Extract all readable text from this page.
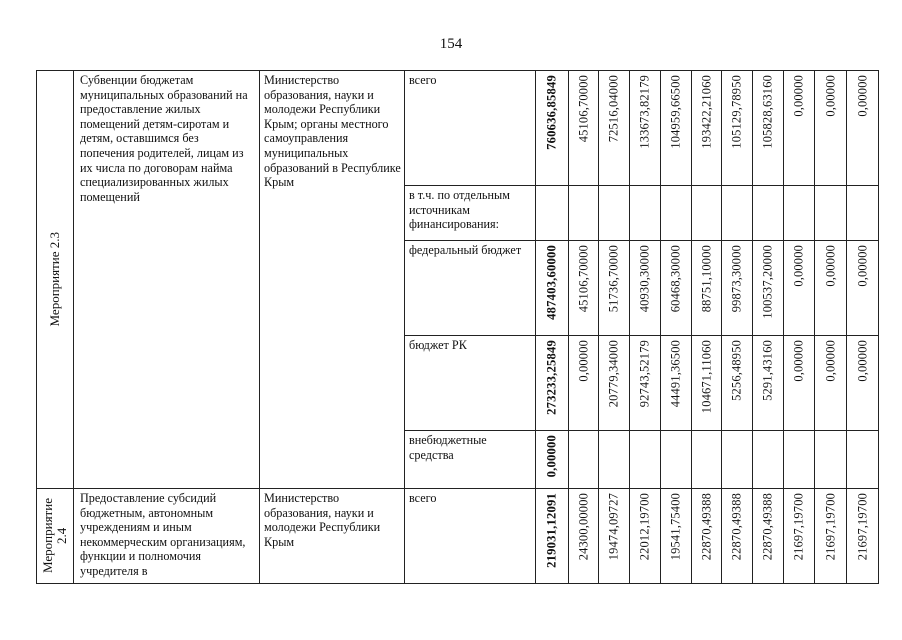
154
Мероприятие 2.3	Субвенции бюджетам муниципальных образований на предоставление жилых помещений детям-сиротам и детям, оставшимся без попечения родителей, лицам из их числа по договорам найма специализированных жилых помещений	Министерство образования, науки и молодежи Республики Крым; органы местного самоуправления муниципальных образований в Республике Крым	всего	760636,85849	45106,70000	72516,04000	133673,82179	104959,66500	193422,21060	105129,78950	105828,63160	0,00000	0,00000	0,00000

			в т.ч. по отдельным источникам финансирования:	

			федеральный бюджет	487403,60000	45106,70000	51736,70000	40930,30000	60468,30000	88751,10000	99873,30000	100537,20000	0,00000	0,00000	0,00000

			бюджет РК	273233,25849	0,00000	20779,34000	92743,52179	44491,36500	104671,11060	5256,48950	5291,43160	0,00000	0,00000	0,00000

			внебюджетные средства	0,00000										

Мероприятие 2.4	Предоставление субсидий бюджетным, автономным учреждениям и иным некоммерческим организациям, функции и полномочия учредителя в	Министерство образования, науки и молодежи Республики Крым	всего	219031,12091	24300,00000	19474,09727	22012,19700	19541,75400	22870,49388	22870,49388	22870,49388	21697,19700	21697,19700	21697,19700
